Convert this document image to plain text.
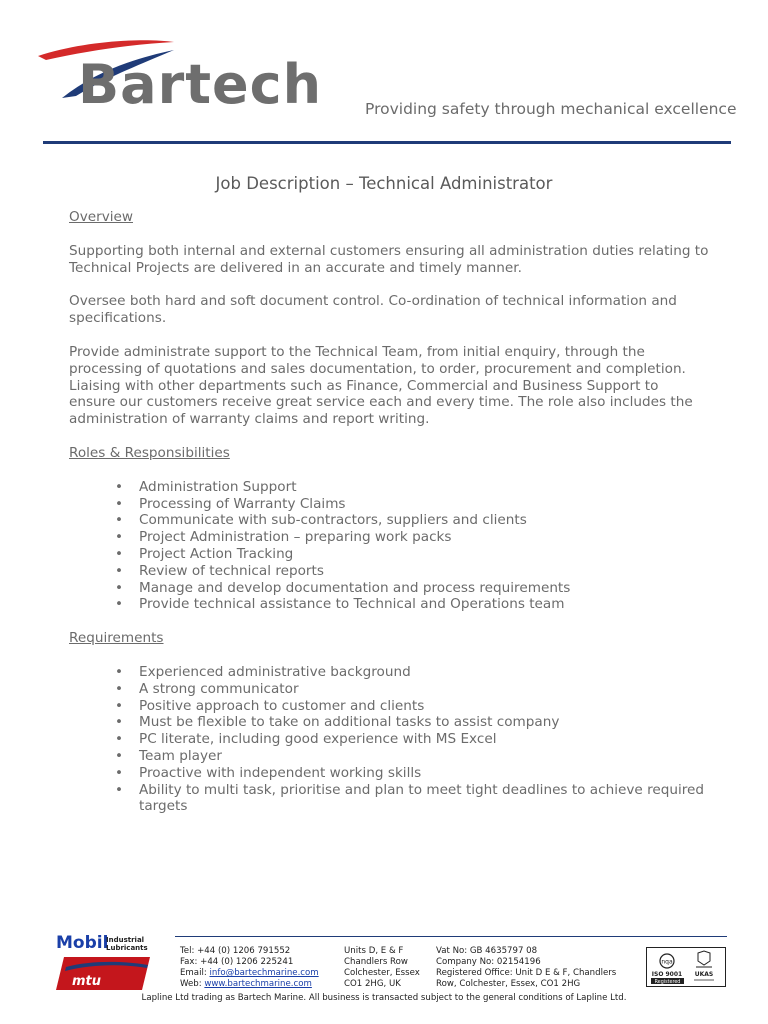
Bartech	Providing safety through mechanical excellence
Job Description – Technical Administrator
Overview

Supporting both internal and external customers ensuring all administration duties relating to Technical Projects are delivered in an accurate and timely manner.

Oversee both hard and soft document control. Co-ordination of technical information and specifications.

Provide administrate support to the Technical Team, from initial enquiry, through the processing of quotations and sales documentation, to order, procurement and completion. Liaising with other departments such as Finance, Commercial and Business Support to ensure our customers receive great service each and every time. The role also includes the administration of warranty claims and report writing.

Roles & Responsibilities
• Administration Support
• Processing of Warranty Claims
• Communicate with sub-contractors, suppliers and clients
• Project Administration – preparing work packs
• Project Action Tracking
• Review of technical reports
• Manage and develop documentation and process requirements
• Provide technical assistance to Technical and Operations team
Requirements
• Experienced administrative background
• A strong communicator
• Positive approach to customer and clients
• Must be flexible to take on additional tasks to assist company
• PC literate, including good experience with MS Excel
• Team player
• Proactive with independent working skills
• Ability to multi task, prioritise and plan to meet tight deadlines to achieve required targets
Mobil
Industrial
Lubricants
mtu
Tel: +44 (0) 1206 791552
Fax: +44 (0) 1206 225241
Email: info@bartechmarine.com
Web: www.bartechmarine.com
Units D, E & F
Chandlers Row
Colchester, Essex
CO1 2HG, UK
Vat No: GB 4635797 08
Company No: 02154196
Registered Office: Unit D E & F, Chandlers
Row, Colchester, Essex, CO1 2HG
nqa
ISO 9001
Registered
UKAS
Lapline Ltd trading as Bartech Marine. All business is transacted subject to the general conditions of Lapline Ltd.
